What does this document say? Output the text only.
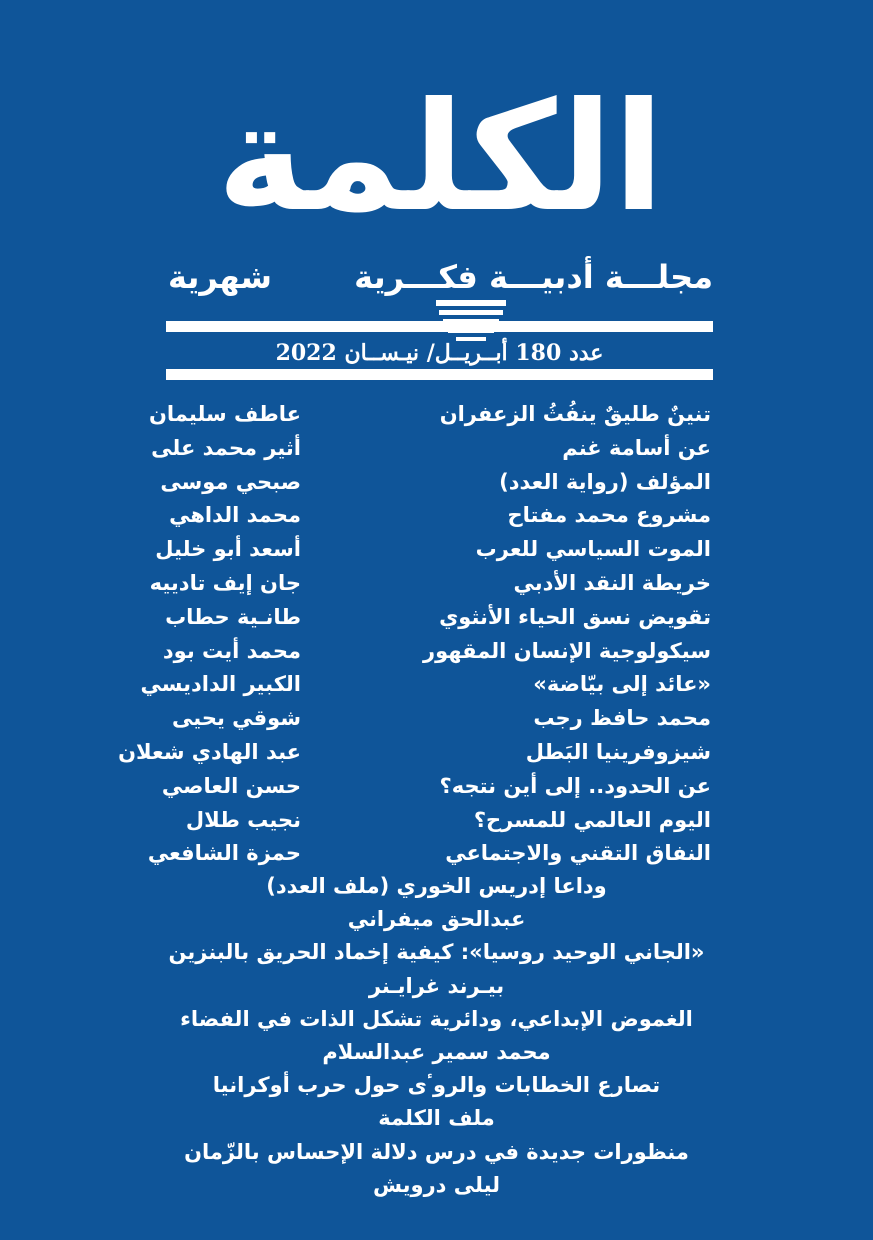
الكلمة
مجلـــة أدبيـــة فكـــرية
شهرية
عدد 180 أبــريــل/ نيـســان 2022
تنينٌ طليقٌ ينفُثُ الزعفران
عاطف سليمان
عن أسامة غنم
أثير محمد على
المؤلف (رواية العدد)
صبحي موسى
مشروع محمد مفتاح
محمد الداهي
الموت السياسي للعرب
أسعد أبو خليل
خريطة النقد الأدبي
جان إيف تادييه
تقويض نسق الحياء الأنثوي
طانـية حطاب
سيكولوجية الإنسان المقهور
محمد أيت بود
«عائد إلى بيّاضة»
الكبير الداديسي
محمد حافظ رجب
شوقي يحيى
شيزوفرينيا البَطل
عبد الهادي شعلان
عن الحدود.. إلى أين نتجه؟
حسن العاصي
اليوم العالمي للمسرح؟
نجيب طلال
النفاق التقني والاجتماعي
حمزة الشافعي
وداعا إدريس الخوري (ملف العدد)
عبدالحق ميفراني
«الجاني الوحيد روسيا»: كيفية إخماد الحريق بالبنزين
بيـرند غرايـنر
الغموض الإبداعي، ودائرية تشكل الذات في الفضاء
محمد سمير عبدالسلام
تصارع الخطابات والروٴى حول حرب أوكرانيا
ملف الكلمة
منظورات جديدة في درس دلالة الإحساس بالزّمان
ليلى درويش
